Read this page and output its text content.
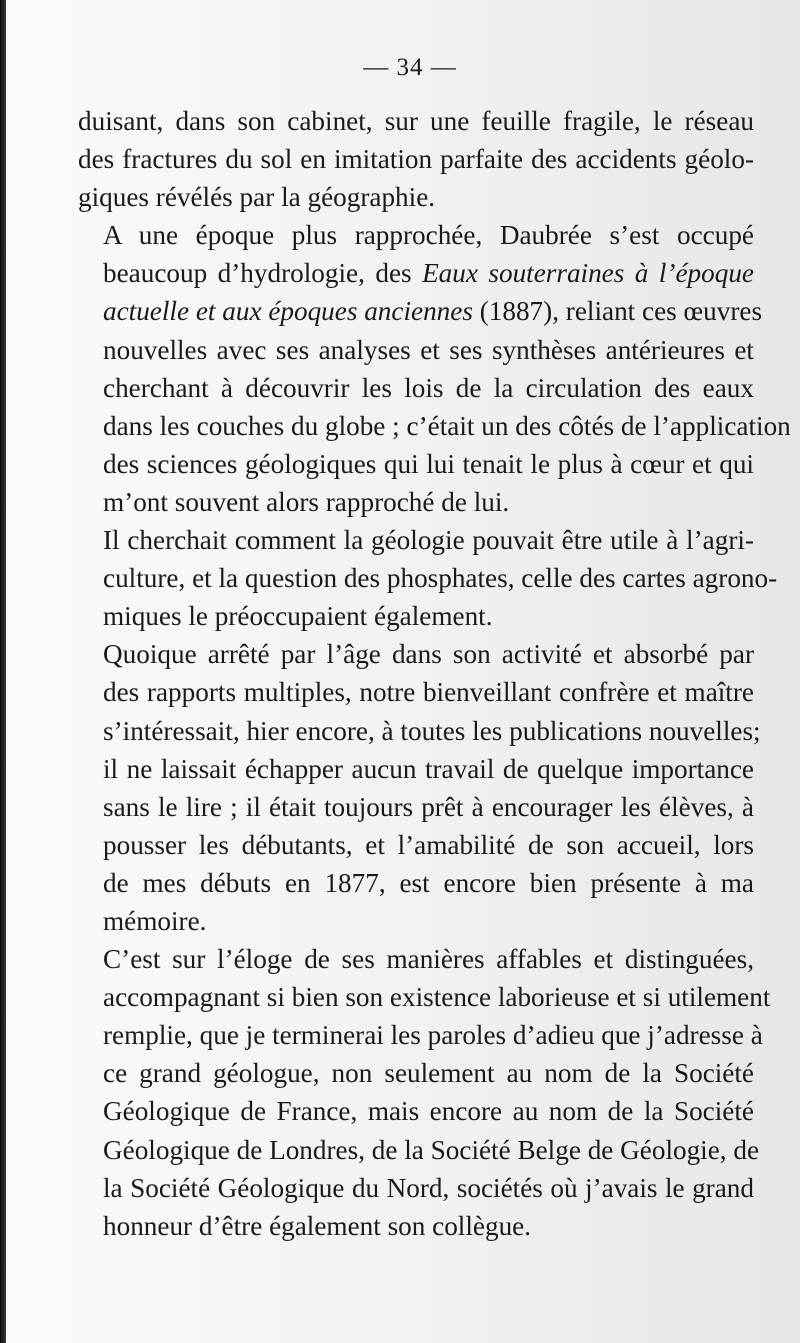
— 34 —

duisant, dans son cabinet, sur une feuille fragile, le réseau
des fractures du sol en imitation parfaite des accidents géolo-
giques révélés par la géographie.

A une époque plus rapprochée, Daubrée s’est occupé
beaucoup d’hydrologie, des Eaux souterraines à l’époque
actuelle et aux époques anciennes (1887), reliant ces œuvres
nouvelles avec ses analyses et ses synthèses antérieures et
cherchant à découvrir les lois de la circulation des eaux
dans les couches du globe ; c’était un des côtés de l’application
des sciences géologiques qui lui tenait le plus à cœur et qui
m’ont souvent alors rapproché de lui.

Il cherchait comment la géologie pouvait être utile à l’agri-
culture, et la question des phosphates, celle des cartes agrono-
miques le préoccupaient également.

Quoique arrêté par l’âge dans son activité et absorbé par
des rapports multiples, notre bienveillant confrère et maître
s’intéressait, hier encore, à toutes les publications nouvelles;
il ne laissait échapper aucun travail de quelque importance
sans le lire ; il était toujours prêt à encourager les élèves, à
pousser les débutants, et l’amabilité de son accueil, lors
de mes débuts en 1877, est encore bien présente à ma
mémoire.

C’est sur l’éloge de ses manières affables et distinguées,
accompagnant si bien son existence laborieuse et si utilement
remplie, que je terminerai les paroles d’adieu que j’adresse à
ce grand géologue, non seulement au nom de la Société
Géologique de France, mais encore au nom de la Société
Géologique de Londres, de la Société Belge de Géologie, de
la Société Géologique du Nord, sociétés où j’avais le grand
honneur d’être également son collègue.
